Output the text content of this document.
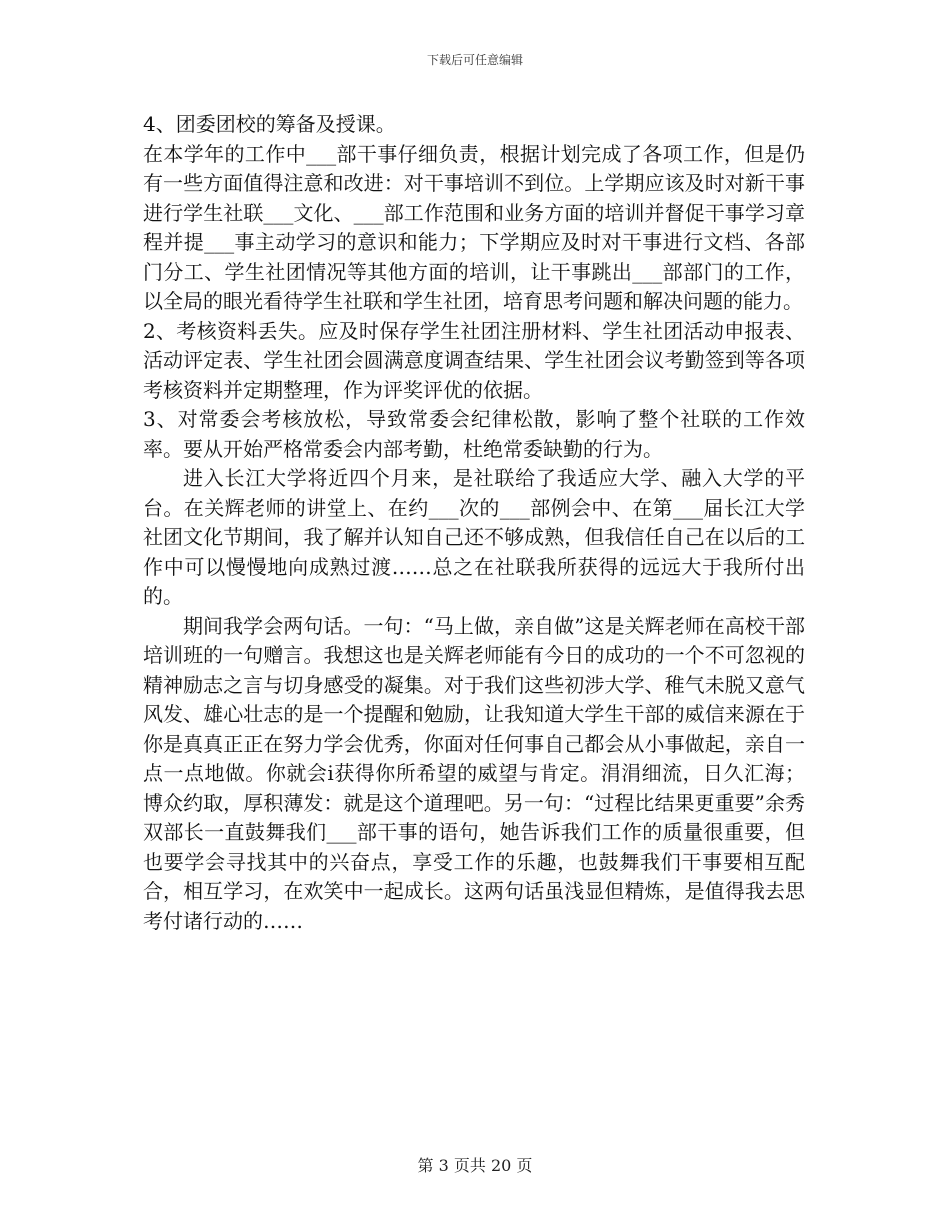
下载后可任意编辑

4、团委团校的筹备及授课。

在本学年的工作中___部干事仔细负责，根据计划完成了各项工作，但是仍有一些方面值得注意和改进：对干事培训不到位。上学期应该及时对新干事进行学生社联___文化、___部工作范围和业务方面的培训并督促干事学习章程并提___事主动学习的意识和能力；下学期应及时对干事进行文档、各部门分工、学生社团情况等其他方面的培训，让干事跳出___部部门的工作，以全局的眼光看待学生社联和学生社团，培育思考问题和解决问题的能力。

2、考核资料丢失。应及时保存学生社团注册材料、学生社团活动申报表、活动评定表、学生社团会圆满意度调查结果、学生社团会议考勤签到等各项考核资料并定期整理，作为评奖评优的依据。

3、对常委会考核放松，导致常委会纪律松散，影响了整个社联的工作效率。要从开始严格常委会内部考勤，杜绝常委缺勤的行为。

进入长江大学将近四个月来，是社联给了我适应大学、融入大学的平台。在关辉老师的讲堂上、在约___次的___部例会中、在第___届长江大学社团文化节期间，我了解并认知自己还不够成熟，但我信任自己在以后的工作中可以慢慢地向成熟过渡……总之在社联我所获得的远远大于我所付出的。

期间我学会两句话。一句：“马上做，亲自做”这是关辉老师在高校干部培训班的一句赠言。我想这也是关辉老师能有今日的成功的一个不可忽视的精神励志之言与切身感受的凝集。对于我们这些初涉大学、稚气未脱又意气风发、雄心壮志的是一个提醒和勉励，让我知道大学生干部的威信来源在于你是真真正正在努力学会优秀，你面对任何事自己都会从小事做起，亲自一点一点地做。你就会i获得你所希望的威望与肯定。涓涓细流，日久汇海；博众约取，厚积薄发：就是这个道理吧。另一句：“过程比结果更重要”余秀双部长一直鼓舞我们___部干事的语句，她告诉我们工作的质量很重要，但也要学会寻找其中的兴奋点，享受工作的乐趣，也鼓舞我们干事要相互配合，相互学习，在欢笑中一起成长。这两句话虽浅显但精炼，是值得我去思考付诸行动的……

第 3 页共 20 页
